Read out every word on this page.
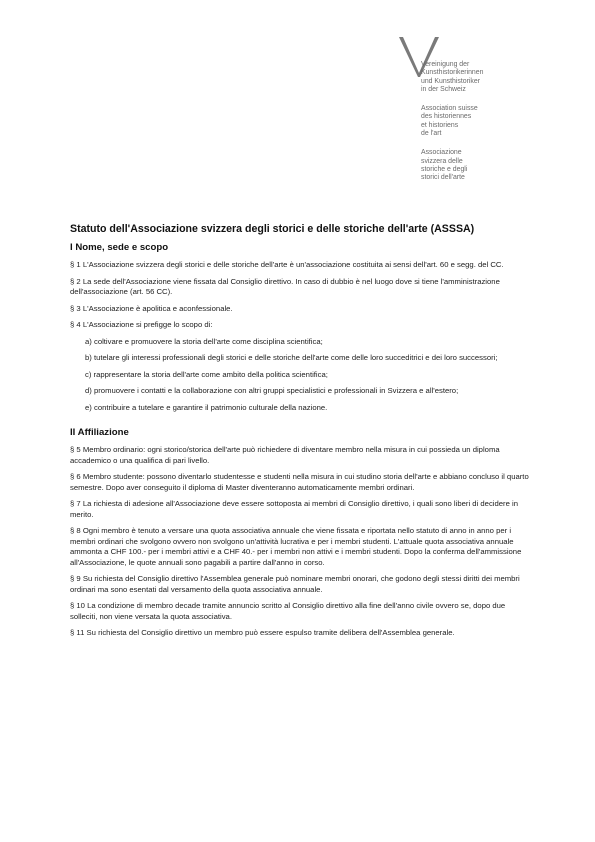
Vereinigung der
Kunsthistorikerinnen
und Kunsthistoriker
in der Schweiz
Association suisse
des historiennes
et historiens
de l'art
Associazione
svizzera delle
storiche e degli
storici dell'arte
Statuto dell'Associazione svizzera degli storici e delle storiche dell'arte (ASSSA)
I Nome, sede e scopo

§ 1 L'Associazione svizzera degli storici e delle storiche dell'arte è un'associazione costituita ai sensi dell'art. 60 e segg. del CC.

§ 2 La sede dell'Associazione viene fissata dal Consiglio direttivo. In caso di dubbio è nel luogo dove si tiene l'amministrazione dell'associazione (art. 56 CC).

§ 3 L'Associazione è apolitica e aconfessionale.

§ 4 L'Associazione si prefigge lo scopo di:

a) coltivare e promuovere la storia dell'arte come disciplina scientifica;
b) tutelare gli interessi professionali degli storici e delle storiche dell'arte come delle loro succeditrici e dei loro successori;
c) rappresentare la storia dell'arte come ambito della politica scientifica;
d) promuovere i contatti e la collaborazione con altri gruppi specialistici e professionali in Svizzera e all'estero;
e) contribuire a tutelare e garantire il patrimonio culturale della nazione.
II Affiliazione

§ 5 Membro ordinario: ogni storico/storica dell'arte può richiedere di diventare membro nella misura in cui possieda un diploma accademico o una qualifica di pari livello.

§ 6 Membro studente: possono diventarlo studentesse e studenti nella misura in cui studino storia dell'arte e abbiano concluso il quarto semestre. Dopo aver conseguito il diploma di Master diventeranno automaticamente membri ordinari.

§ 7 La richiesta di adesione all'Associazione deve essere sottoposta ai membri di Consiglio direttivo, i quali sono liberi di decidere in merito.

§ 8 Ogni membro è tenuto a versare una quota associativa annuale che viene fissata e riportata nello statuto di anno in anno per i membri ordinari che svolgono ovvero non svolgono un'attività lucrativa e per i membri studenti. L'attuale quota associativa annuale ammonta a CHF 100.- per i membri attivi e a CHF 40.- per i membri non attivi e i membri studenti. Dopo la conferma dell'ammissione all'Associazione, le quote annuali sono pagabili a partire dall'anno in corso.

§ 9 Su richiesta del Consiglio direttivo l'Assemblea generale può nominare membri onorari, che godono degli stessi diritti dei membri ordinari ma sono esentati dal versamento della quota associativa annuale.

§ 10 La condizione di membro decade tramite annuncio scritto al Consiglio direttivo alla fine dell'anno civile ovvero se, dopo due solleciti, non viene versata la quota associativa.

§ 11 Su richiesta del Consiglio direttivo un membro può essere espulso tramite delibera dell'Assemblea generale.
